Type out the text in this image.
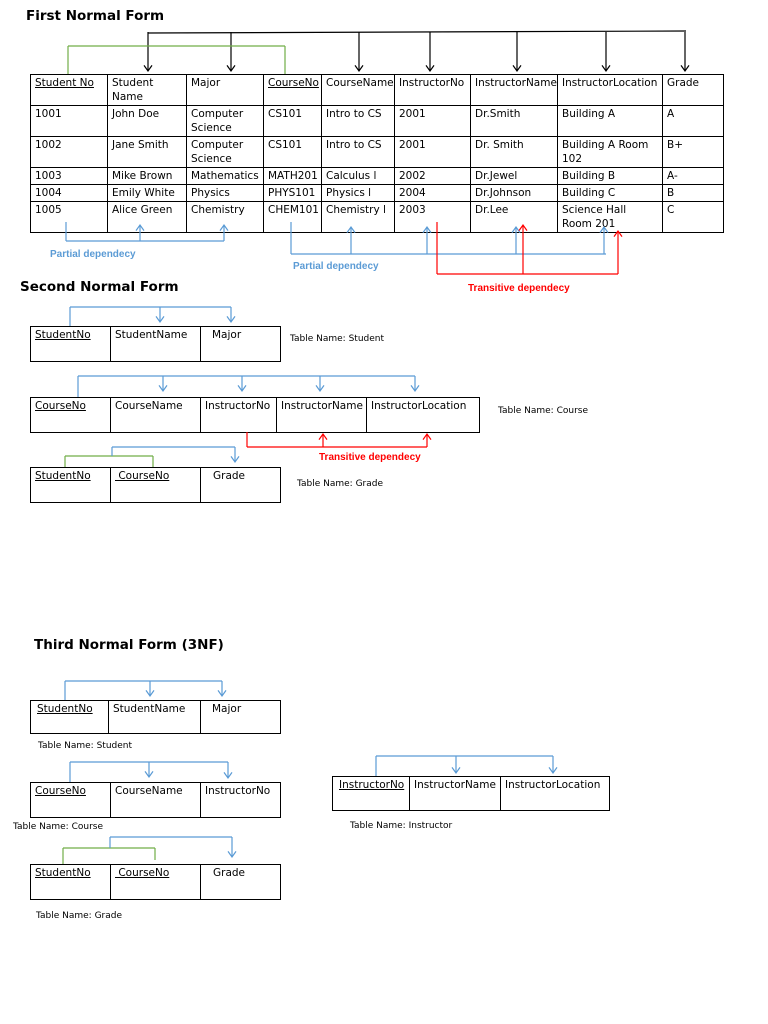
First Normal Form
Student No	Student Name	Major	CourseNo	CourseName	InstructorNo	InstructorName	InstructorLocation	Grade
1001	John Doe	Computer Science	CS101	Intro to CS	2001	Dr.Smith	Building A	A
1002	Jane Smith	Computer Science	CS101	Intro to CS	2001	Dr. Smith	Building A Room 102	B+
1003	Mike Brown	Mathematics	MATH201	Calculus l	2002	Dr.Jewel	Building B	A-
1004	Emily White	Physics	PHYS101	Physics l	2004	Dr.Johnson	Building C	B
1005	Alice Green	Chemistry	CHEM101	Chemistry l	2003	Dr.Lee	Science Hall Room 201	C
Partial dependecy
Partial dependecy
Transitive dependecy
Second Normal Form
StudentNo	StudentName	Major	Table Name: Student
CourseNo	CourseName	InstructorNo	InstructorName	InstructorLocation	Table Name: Course
Transitive dependecy
StudentNo	CourseNo	Grade
Table Name: Grade
Third Normal Form (3NF)
StudentNo	StudentName	Major
Table Name: Student
CourseNo	CourseName	InstructorNo
Table Name: Course
StudentNo	CourseNo	Grade
Table Name: Grade
InstructorNo	InstructorName	InstructorLocation
Table Name: Instructor
